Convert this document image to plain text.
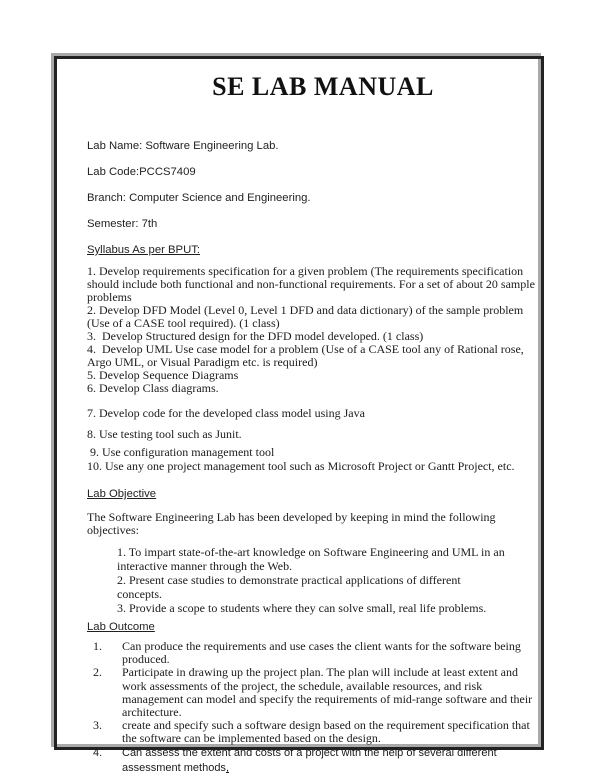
SE LAB MANUAL

Lab Name: Software Engineering Lab.

Lab Code:PCCS7409

Branch: Computer Science and Engineering.

Semester: 7th

Syllabus As per BPUT:

1. Develop requirements specification for a given problem (The requirements specification should include both functional and non-functional requirements. For a set of about 20 sample problems

2. Develop DFD Model (Level 0, Level 1 DFD and data dictionary) of the sample problem (Use of a CASE tool required). (1 class)

3.  Develop Structured design for the DFD model developed. (1 class)

4.  Develop UML Use case model for a problem (Use of a CASE tool any of Rational rose, Argo UML, or Visual Paradigm etc. is required)

5. Develop Sequence Diagrams

6. Develop Class diagrams.

7. Develop code for the developed class model using Java

8. Use testing tool such as Junit.

9. Use configuration management tool

10. Use any one project management tool such as Microsoft Project or Gantt Project, etc.

Lab Objective

The Software Engineering Lab has been developed by keeping in mind the following objectives:

1. To impart state-of-the-art knowledge on Software Engineering and UML in an interactive manner through the Web.

2. Present case studies to demonstrate practical applications of different concepts.

3. Provide a scope to students where they can solve small, real life problems.

Lab Outcome

1.	Can produce the requirements and use cases the client wants for the software being produced.
2.	Participate in drawing up the project plan. The plan will include at least extent and work assessments of the project, the schedule, available resources, and risk management can model and specify the requirements of mid-range software and their architecture.
3.	create and specify such a software design based on the requirement specification that the software can be implemented based on the design.
4.	Can assess the extent and costs of a project with the help of several different assessment methods,
